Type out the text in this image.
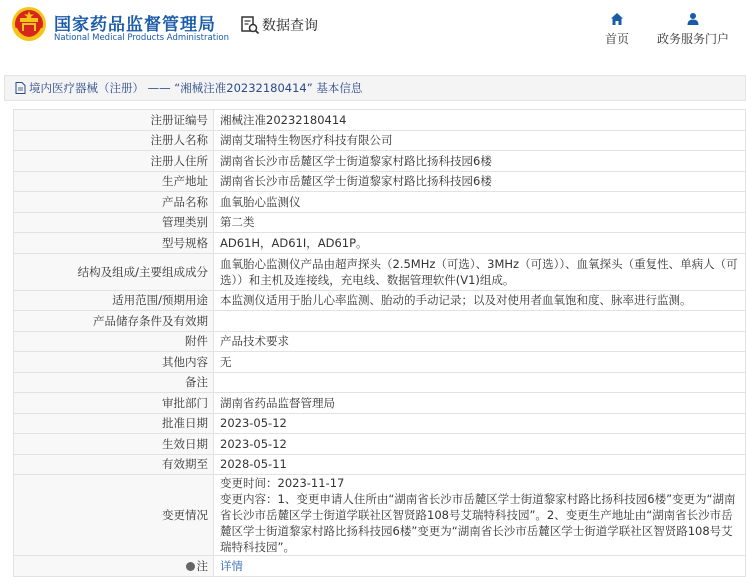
国家药品监督管理局
National Medical Products Administration
数据查询
首页	政务服务门户
境内医疗器械（注册） —— “湘械注准20232180414” 基本信息
注册证编号	湘械注准20232180414
注册人名称	湖南艾瑞特生物医疗科技有限公司
注册人住所	湖南省长沙市岳麓区学士街道黎家村路比扬科技园6楼
生产地址	湖南省长沙市岳麓区学士街道黎家村路比扬科技园6楼
产品名称	血氧胎心监测仪
管理类别	第二类
型号规格	AD61H，AD61I，AD61P。
结构及组成/主要组成成分	血氧胎心监测仪产品由超声探头（2.5MHz（可选）、3MHz（可选））、血氧探头（重复性、单病人（可选））和主机及连接线，充电线、数据管理软件(V1)组成。
适用范围/预期用途	本监测仪适用于胎儿心率监测、胎动的手动记录；以及对使用者血氧饱和度、脉率进行监测。
产品储存条件及有效期	
附件	产品技术要求
其他内容	无
备注	
审批部门	湖南省药品监督管理局
批准日期	2023-05-12
生效日期	2023-05-12
有效期至	2028-05-11
变更情况	变更时间：2023-11-17
变更内容：1、变更申请人住所由“湖南省长沙市岳麓区学士街道黎家村路比扬科技园6楼”变更为“湖南省长沙市岳麓区学士街道学联社区智贤路108号艾瑞特科技园”。2、变更生产地址由“湖南省长沙市岳麓区学士街道黎家村路比扬科技园6楼”变更为“湖南省长沙市岳麓区学士街道学联社区智贤路108号艾瑞特科技园”。
注	详情
